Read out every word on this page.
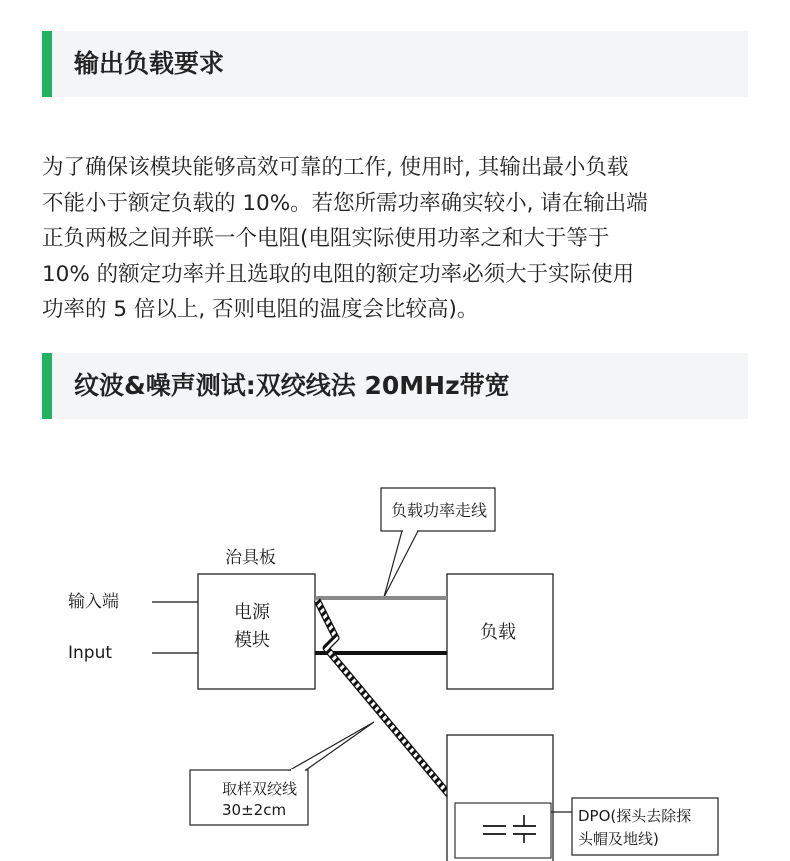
输出负载要求
为了确保该模块能够高效可靠的工作, 使用时, 其输出最小负载
不能小于额定负载的 10%。若您所需功率确实较小, 请在输出端
正负两极之间并联一个电阻(电阻实际使用功率之和大于等于
10% 的额定功率并且选取的电阻的额定功率必须大于实际使用
功率的 5 倍以上, 否则电阻的温度会比较高)。
纹波&噪声测试:双绞线法 20MHz带宽
负载功率走线
治具板
输入端
Input
电源
模块	负载
取样双绞线
30±2cm	DPO(探头去除探
头帽及地线)
